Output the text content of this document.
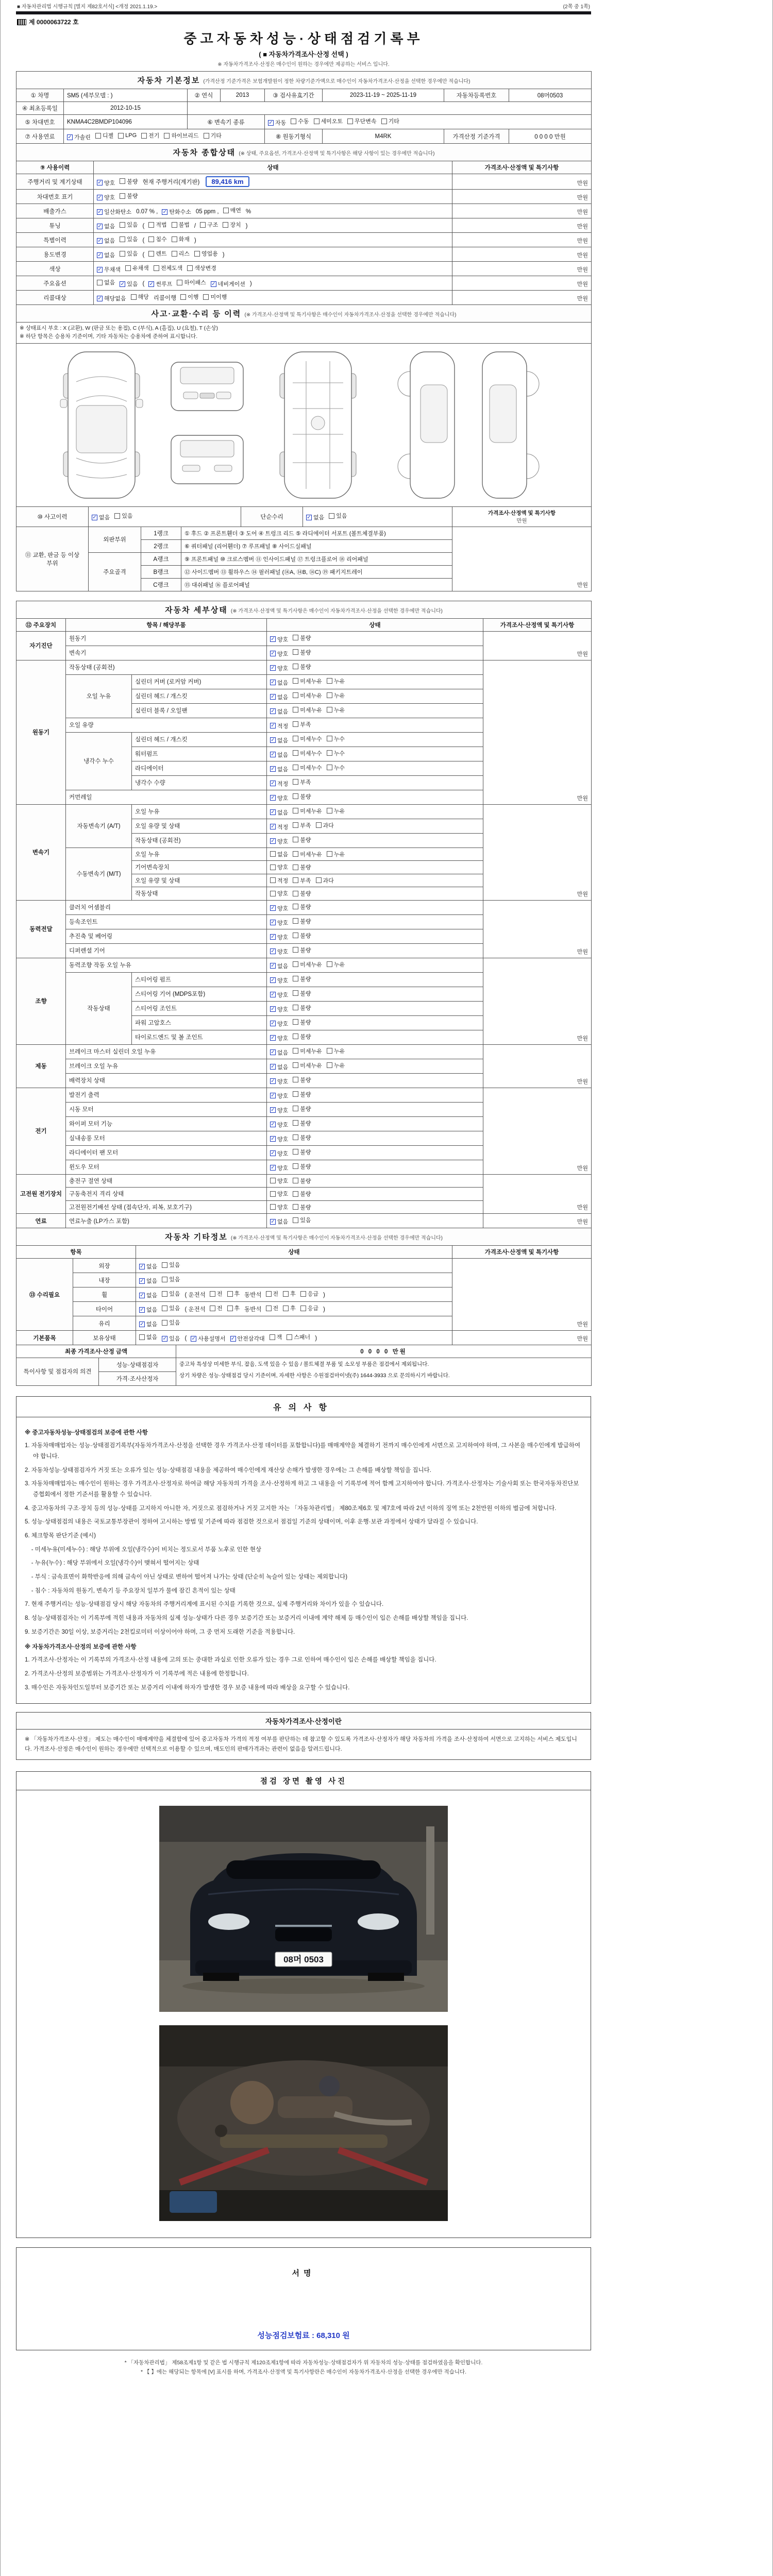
■ 자동차관리법 시행규칙 [별지 제82호서식] <개정 2021.1.19.>	(2쪽 중 1쪽)
제 0000063722 호
중고자동차성능·상태점검기록부
( ■ 자동차가격조사·산정 선택 )
※ 자동차가격조사·산정은 매수인이 원하는 경우에만 제공하는 서비스 입니다.
자동차 기본정보 (가격산정 기준가격은 보험개발원이 정한 차량기준가액으로 매수인이 자동차가격조사·산정을 선택한 경우에만 적습니다)							
① 차명	SM5 (세부모델 : )	② 연식	2013	③ 검사유효기간	2023-11-19 ~ 2025-11-19	자동차등록번호	08머0503
④ 최초등록일	2012-10-15						
⑤ 차대번호	KNMA4C2BMDP104096	⑥ 변속기 종류	✓ 자동 수동 세미오토 무단변속 기타

⑦ 사용연료	✓ 가솔린 디젤 LPG 전기 하이브리드 기타	⑧ 원동기형식	M4RK	가격산정 기준가격	0 0 0 0 만원
자동차 종합상태 (※ 상태, 주요옵션, 가격조사·산정액 및 특기사항은 해당 사항이 있는 경우에만 적습니다)		
⑨ 사용이력	상태	가격조사·산정액 및 특기사항
주행거리 및 계기상태	✓ 양호 불량 현재 주행거리(계기판) 89,416 km	만원
차대번호 표기	✓ 양호 불량	만원
배출가스	✓ 일산화탄소 0.07 % , ✓ 탄화수소 05 ppm , 매연 %	만원
튜닝	✓ 없음 있음 ( 적법 불법 / 구조 장치 )	만원
특별이력	✓ 없음 있음 ( 침수 화재 )	만원
용도변경	✓ 없음 있음 ( 렌트 리스 영업용 )	만원
색상	✓ 무채색 유채색 전체도색 색상변경	만원
주요옵션	없음 ✓ 있음 ( ✓ 썬루프 하이패스 ✓ 네비게이션 )	만원
리콜대상	✓ 해당없음 해당 리콜이행 이행 미이행	만원
사고·교환·수리 등 이력 (※ 가격조사·산정액 및 특기사항은 매수인이 자동차가격조사·산정을 선택한 경우에만 적습니다)

※ 상태표시 부호 : X (교환), W (판금 또는 용접), C (부식), A (흠집), U (요철), T (손상)
※ 하단 항목은 승용차 기준이며, 기타 자동차는 승용차에 준하여 표시합니다.

⑩ 사고이력	✓ 없음 있음	단순수리	✓ 없음 있음
	가격조사·산정액 및 특기사항
만원
⑪ 교환, 판금 등 이상 부위	외판부위	1랭크	① 후드 ② 프론트휀더 ③ 도어 ④ 트렁크 리드 ⑤ 라디에이터 서포트 (볼트체결부품)	만원
		2랭크	⑥ 쿼터패널 (리어휀더) ⑦ 루프패널 ⑧ 사이드실패널	
	주요골격	A랭크	⑨ 프론트패널 ⑩ 크로스멤버 ⑪ 인사이드패널 ⑰ 트렁크플로어 ⑱ 리어패널	
		B랭크	⑫ 사이드멤버 ⑬ 휠하우스 ⑭ 필러패널 (⑭A, ⑭B, ⑭C) ⑲ 패키지트레이	
		C랭크	⑮ 대쉬패널 ⑯ 플로어패널	
자동차 세부상태 (※ 가격조사·산정액 및 특기사항은 매수인이 자동차가격조사·산정을 선택한 경우에만 적습니다)				
⑫ 주요장치	항목 / 해당부품		상태	가격조사·산정액 및 특기사항
자기진단	원동기		✓ 양호 불량	만원
	변속기		✓ 양호 불량	

원동기	작동상태 (공회전)		✓ 양호 불량	만원
	오일 누유	실린더 커버 (로커암 커버)	✓ 없음 미세누유 누유	

		실린더 헤드 / 개스킷	✓ 없음 미세누유 누유	

		실린더 블록 / 오일팬	✓ 없음 미세누유 누유	

	오일 유량		✓ 적정 부족	

	냉각수 누수	실린더 헤드 / 개스킷	✓ 없음 미세누수 누수	

		워터펌프	✓ 없음 미세누수 누수	

		라디에이터	✓ 없음 미세누수 누수	

		냉각수 수량	✓ 적정 부족	

	커먼레일		✓ 양호 불량	

변속기	자동변속기 (A/T)	오일 누유	✓ 없음 미세누유 누유	만원
		오일 유량 및 상태	✓ 적정 부족 과다	

		작동상태 (공회전)	✓ 양호 불량	

	수동변속기 (M/T)	오일 누유	없음 미세누유 누유	

		기어변속장치	양호 불량	

		오일 유량 및 상태	적정 부족 과다	

		작동상태	양호 불량	

동력전달	클러치 어셈블리		✓ 양호 불량	만원
	등속조인트		✓ 양호 불량	

	추진축 및 베어링		✓ 양호 불량	

	디퍼렌셜 기어		✓ 양호 불량	

조향	동력조향 작동 오일 누유		✓ 없음 미세누유 누유	만원
	작동상태	스티어링 펌프	✓ 양호 불량	

		스티어링 기어 (MDPS포함)	✓ 양호 불량	

		스티어링 조인트	✓ 양호 불량	

		파워 고압호스	✓ 양호 불량	

		타이로드엔드 및 볼 조인트	✓ 양호 불량	

제동	브레이크 마스터 실린더 오일 누유		✓ 없음 미세누유 누유	만원
	브레이크 오일 누유		✓ 없음 미세누유 누유	

	배력장치 상태		✓ 양호 불량	

전기	발전기 출력		✓ 양호 불량	만원
	시동 모터		✓ 양호 불량	

	와이퍼 모터 기능		✓ 양호 불량	

	실내송풍 모터		✓ 양호 불량	

	라디에이터 팬 모터		✓ 양호 불량	

	윈도우 모터		✓ 양호 불량	

고전원 전기장치	충전구 절연 상태		양호 불량	만원
	구동축전지 격리 상태		양호 불량	

	고전원전기배선 상태 (접속단자, 피복, 보호기구)		양호 불량	

연료	연료누출 (LP가스 포함)		✓ 없음 있음	만원
자동차 기타정보 (※ 가격조사·산정액 및 특기사항은 매수인이 자동차가격조사·산정을 선택한 경우에만 적습니다)			
항목		상태	가격조사·산정액 및 특기사항
⑬ 수리필요	외장	✓ 없음 있음	만원
	내장	✓ 없음 있음	

휠	✓ 없음 있음 ( 운전석 전 후 동반석 전 후 응급 )
타이어	✓ 없음 있음 ( 운전석 전 후 동반석 전 후 응급 )
	유리	✓ 없음 있음	

기본품목	보유상태	없음 ✓ 있음 ( ✓ 사용설명서 ✓ 안전삼각대 잭 스패너 )	만원
최종 가격조사·산정 금액		0 0 0 0 만원
특이사항 및 점검자의 의견	성능·상태점검자	중고차 특성상 미세한 부식, 잡음, 도색 있을 수 있음 / 볼트체결 부품 및 소모성 부품은 점검에서 제외됩니다.
상기 차량은 성능·상태점검 당시 기준이며, 자세한 사항은 수원점검마이넷(주) 1644-3933 으로 문의하시기 바랍니다.

	가격·조사산정자	
유의사항
※ 중고자동차성능·상태점검의 보증에 관한 사항
1. 자동차매매업자는 성능·상태점검기록부(자동차가격조사·산정을 선택한 경우 가격조사·산정 데이터를 포함합니다)를 매매계약을 체결하기 전까지 매수인에게 서면으로 고지하여야 하며, 그 사본을 매수인에게 발급하여야 합니다.
2. 자동차성능·상태점검자가 거짓 또는 오류가 있는 성능·상태점검 내용을 제공하여 매수인에게 재산상 손해가 발생한 경우에는 그 손해를 배상할 책임을 집니다.
3. 자동차매매업자는 매수인이 원하는 경우 가격조사·산정자로 하여금 해당 자동차의 가격을 조사·산정하게 하고 그 내용을 이 기록부에 적어 함께 고지하여야 합니다. 가격조사·산정자는 기술사회 또는 한국자동차진단보증협회에서 정한 기준서를 활용할 수 있습니다.
4. 중고자동차의 구조·장치 등의 성능·상태를 고지하지 아니한 자, 거짓으로 점검하거나 거짓 고지한 자는 「자동차관리법」 제80조제6호 및 제7호에 따라 2년 이하의 징역 또는 2천만원 이하의 벌금에 처합니다.
5. 성능·상태점검의 내용은 국토교통부장관이 정하여 고시하는 방법 및 기준에 따라 점검한 것으로서 점검일 기준의 상태이며, 이후 운행·보관 과정에서 상태가 달라질 수 있습니다.
6. 체크항목 판단기준 (예시)
- 미세누유(미세누수) : 해당 부위에 오일(냉각수)이 비치는 정도로서 부품 노후로 인한 현상
- 누유(누수) : 해당 부위에서 오일(냉각수)이 맺혀서 떨어지는 상태
- 부식 : 금속표면이 화학반응에 의해 금속이 아닌 상태로 변하여 떨어져 나가는 상태 (단순히 녹슬어 있는 상태는 제외합니다)
- 침수 : 자동차의 원동기, 변속기 등 주요장치 일부가 물에 잠긴 흔적이 있는 상태
7. 현재 주행거리는 성능·상태점검 당시 해당 자동차의 주행거리계에 표시된 수치를 기록한 것으로, 실제 주행거리와 차이가 있을 수 있습니다.
8. 성능·상태점검자는 이 기록부에 적힌 내용과 자동차의 실제 성능·상태가 다른 경우 보증기간 또는 보증거리 이내에 계약 해제 등 매수인이 입은 손해를 배상할 책임을 집니다.
9. 보증기간은 30일 이상, 보증거리는 2천킬로미터 이상이어야 하며, 그 중 먼저 도래한 기준을 적용합니다.
※ 자동차가격조사·산정의 보증에 관한 사항
1. 가격조사·산정자는 이 기록부의 가격조사·산정 내용에 고의 또는 중대한 과실로 인한 오류가 있는 경우 그로 인하여 매수인이 입은 손해를 배상할 책임을 집니다.
2. 가격조사·산정의 보증범위는 가격조사·산정자가 이 기록부에 적은 내용에 한정합니다.
3. 매수인은 자동차인도일부터 보증기간 또는 보증거리 이내에 하자가 발생한 경우 보증 내용에 따라 배상을 요구할 수 있습니다.
자동차가격조사·산정이란
※ 「자동차가격조사·산정」 제도는 매수인이 매매계약을 체결함에 있어 중고자동차 가격의 적정 여부를 판단하는 데 참고할 수 있도록 가격조사·산정자가 해당 자동차의 가격을 조사·산정하여 서면으로 고지하는 서비스 제도입니다. 가격조사·산정은 매수인이 원하는 경우에만 선택적으로 이용할 수 있으며, 매도인의 판매가격과는 관련이 없음을 알려드립니다.
점검 장면 촬영 사진
08머 0503
서명
성능점검보험료 : 68,310 원
* 「자동차관리법」 제58조제1항 및 같은 법 시행규칙 제120조제1항에 따라 자동차성능·상태점검자가 위 자동차의 성능·상태를 점검하였음을 확인합니다.
* 【 】에는 해당되는 항목에 [V] 표시를 하며, 가격조사·산정액 및 특기사항란은 매수인이 자동차가격조사·산정을 선택한 경우에만 적습니다.
